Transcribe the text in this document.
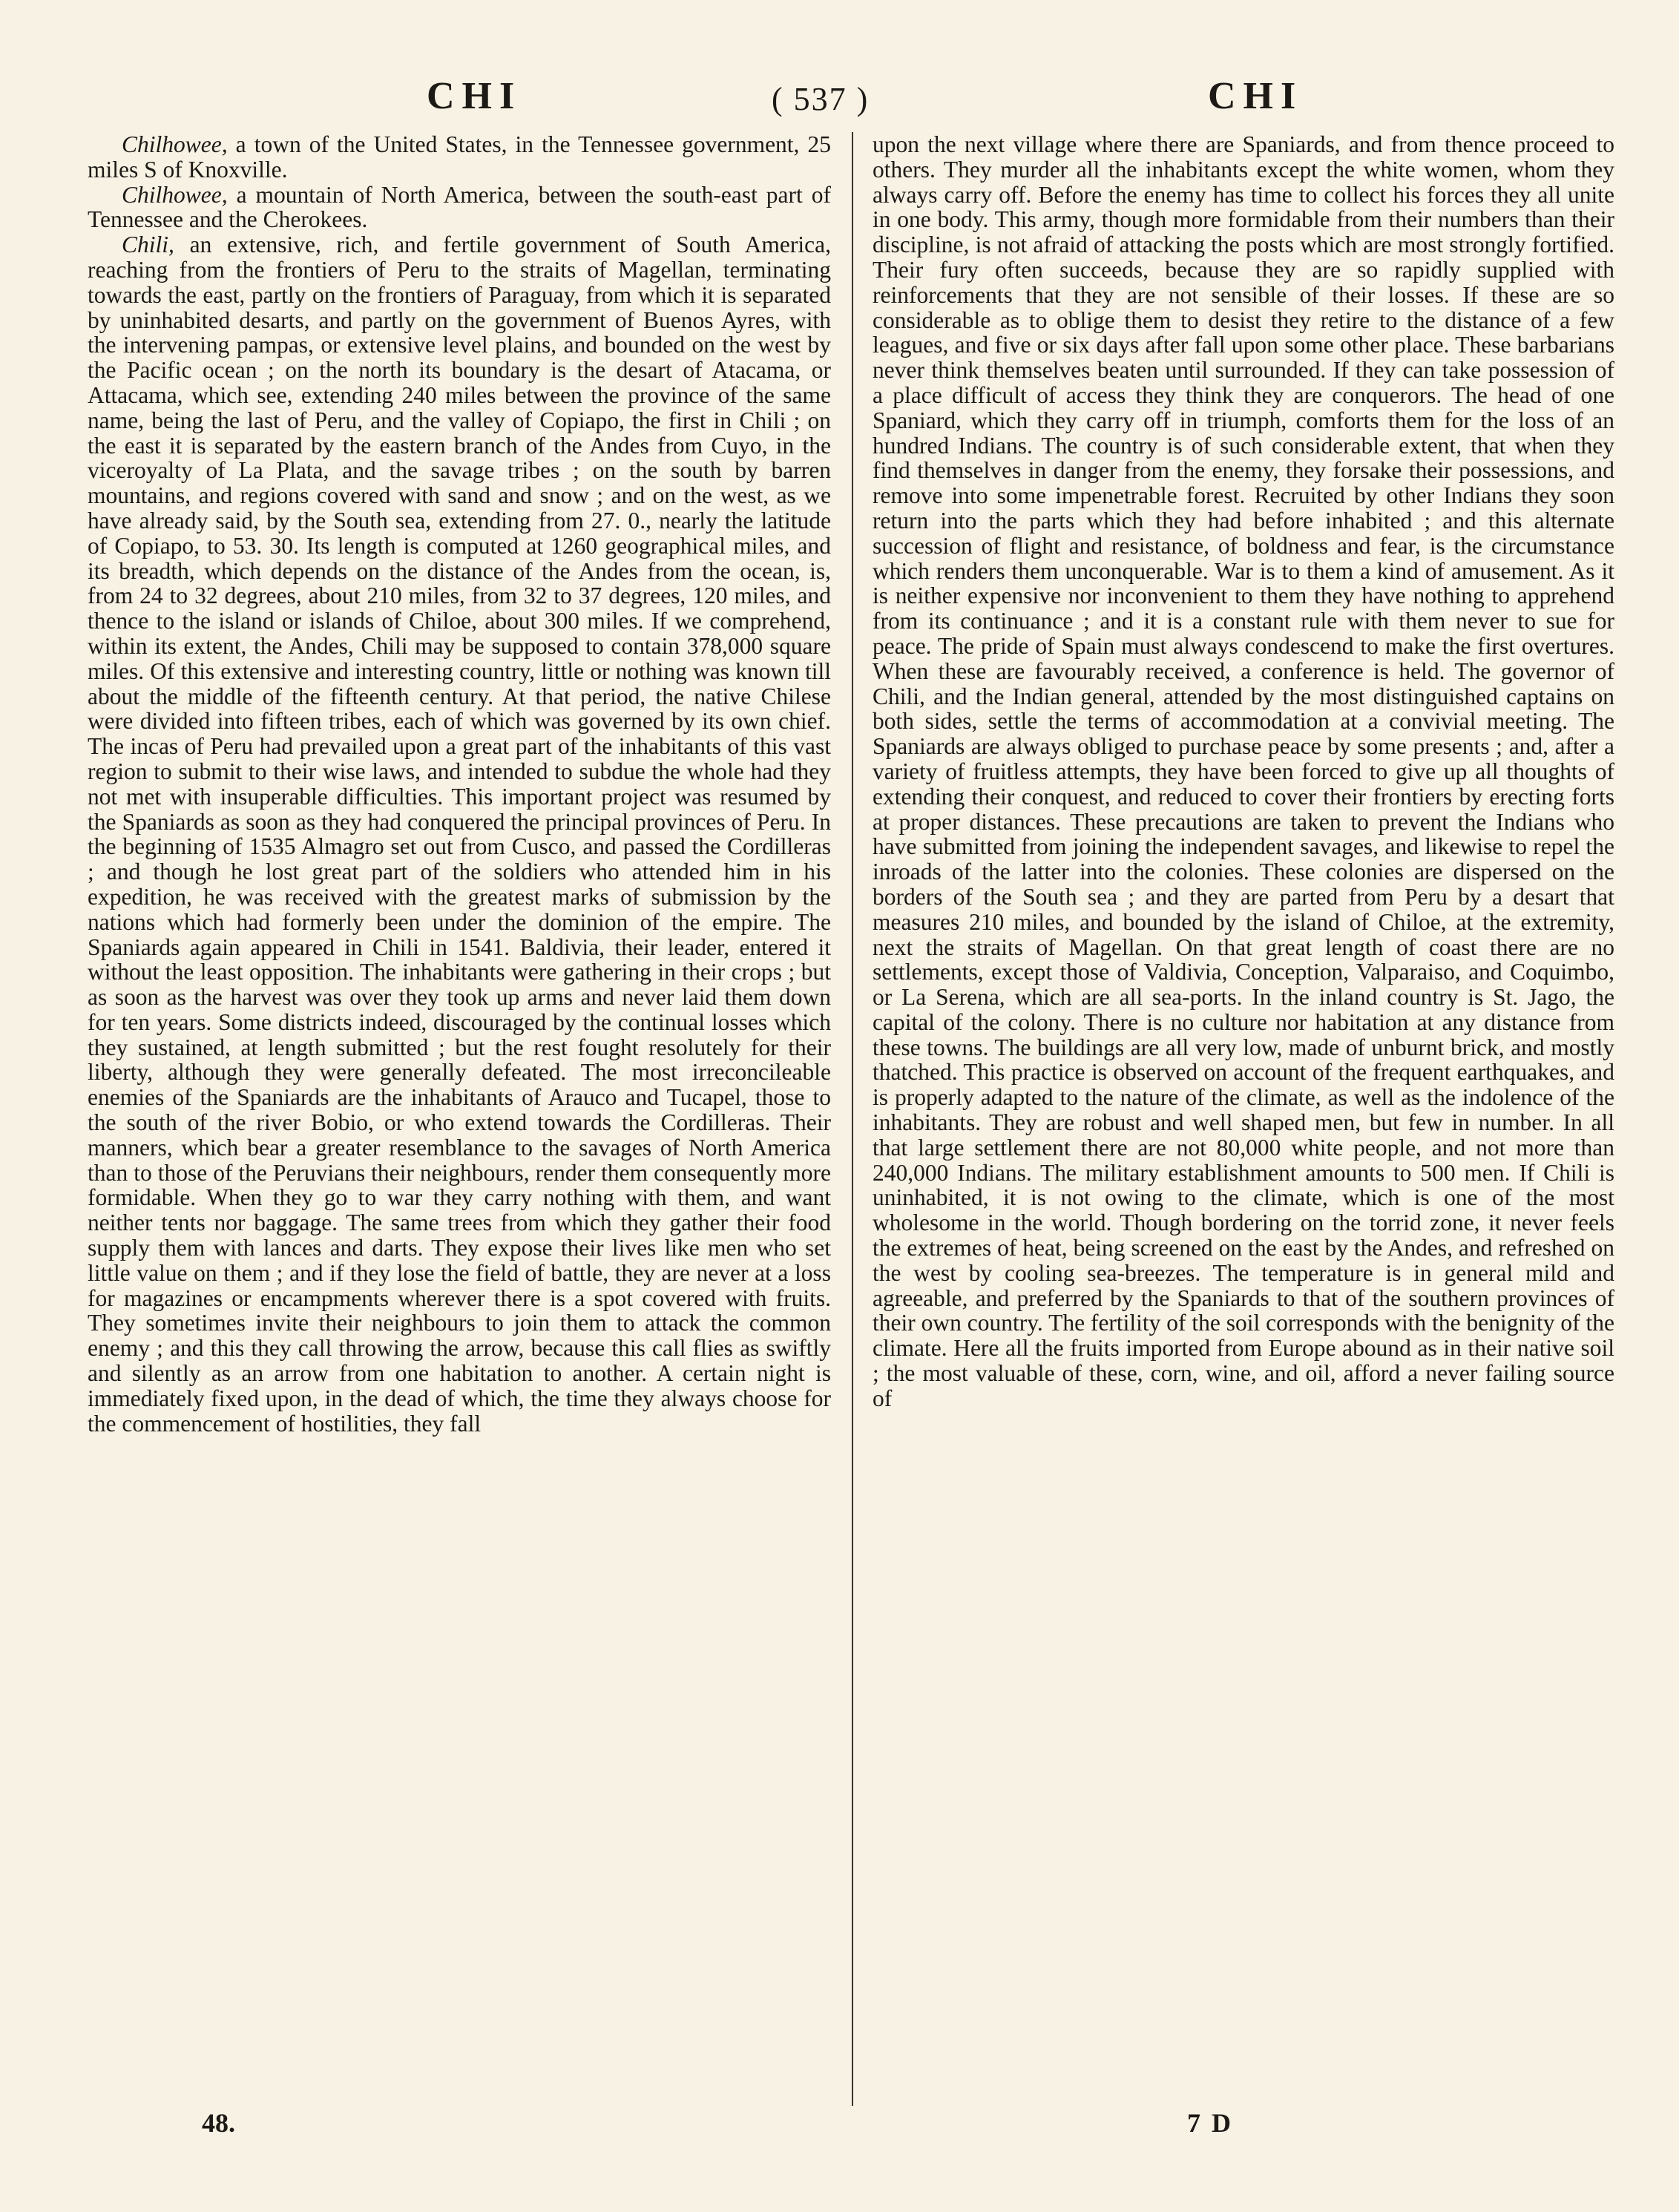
CHI	( 537 )	CHI

Chilhowee, a town of the United States, in the Tennessee government, 25 miles S of Knoxville.

Chilhowee, a mountain of North America, between the south-east part of Tennessee and the Cherokees.

Chili, an extensive, rich, and fertile government of South America, reaching from the frontiers of Peru to the straits of Magellan, terminating towards the east, partly on the frontiers of Paraguay, from which it is separated by uninhabited desarts, and partly on the government of Buenos Ayres, with the intervening pampas, or extensive level plains, and bounded on the west by the Pacific ocean ; on the north its boundary is the desart of Atacama, or Attacama, which see, extending 240 miles between the province of the same name, being the last of Peru, and the valley of Copiapo, the first in Chili ; on the east it is separated by the eastern branch of the Andes from Cuyo, in the viceroyalty of La Plata, and the savage tribes ; on the south by barren mountains, and regions covered with sand and snow ; and on the west, as we have already said, by the South sea, extending from 27. 0., nearly the latitude of Copiapo, to 53. 30. Its length is computed at 1260 geographical miles, and its breadth, which depends on the distance of the Andes from the ocean, is, from 24 to 32 degrees, about 210 miles, from 32 to 37 degrees, 120 miles, and thence to the island or islands of Chiloe, about 300 miles. If we comprehend, within its extent, the Andes, Chili may be supposed to contain 378,000 square miles. Of this extensive and interesting country, little or nothing was known till about the middle of the fifteenth century. At that period, the native Chilese were divided into fifteen tribes, each of which was governed by its own chief. The incas of Peru had prevailed upon a great part of the inhabitants of this vast region to submit to their wise laws, and intended to subdue the whole had they not met with insuperable difficulties. This important project was resumed by the Spaniards as soon as they had conquered the principal provinces of Peru. In the beginning of 1535 Almagro set out from Cusco, and passed the Cordilleras ; and though he lost great part of the soldiers who attended him in his expedition, he was received with the greatest marks of submission by the nations which had formerly been under the dominion of the empire. The Spaniards again appeared in Chili in 1541. Baldivia, their leader, entered it without the least opposition. The inhabitants were gathering in their crops ; but as soon as the harvest was over they took up arms and never laid them down for ten years. Some districts indeed, discouraged by the continual losses which they sustained, at length submitted ; but the rest fought resolutely for their liberty, although they were generally defeated. The most irreconcileable enemies of the Spaniards are the inhabitants of Arauco and Tucapel, those to the south of the river Bobio, or who extend towards the Cordilleras. Their manners, which bear a greater resemblance to the savages of North America than to those of the Peruvians their neighbours, render them consequently more formidable. When they go to war they carry nothing with them, and want neither tents nor baggage. The same trees from which they gather their food supply them with lances and darts. They expose their lives like men who set little value on them ; and if they lose the field of battle, they are never at a loss for magazines or encampments wherever there is a spot covered with fruits. They sometimes invite their neighbours to join them to attack the common enemy ; and this they call throwing the arrow, because this call flies as swiftly and silently as an arrow from one habitation to another. A certain night is immediately fixed upon, in the dead of which, the time they always choose for the commencement of hostilities, they fall

upon the next village where there are Spaniards, and from thence proceed to others. They murder all the inhabitants except the white women, whom they always carry off. Before the enemy has time to collect his forces they all unite in one body. This army, though more formidable from their numbers than their discipline, is not afraid of attacking the posts which are most strongly fortified. Their fury often succeeds, because they are so rapidly supplied with reinforcements that they are not sensible of their losses. If these are so considerable as to oblige them to desist they retire to the distance of a few leagues, and five or six days after fall upon some other place. These barbarians never think themselves beaten until surrounded. If they can take possession of a place difficult of access they think they are conquerors. The head of one Spaniard, which they carry off in triumph, comforts them for the loss of an hundred Indians. The country is of such considerable extent, that when they find themselves in danger from the enemy, they forsake their possessions, and remove into some impenetrable forest. Recruited by other Indians they soon return into the parts which they had before inhabited ; and this alternate succession of flight and resistance, of boldness and fear, is the circumstance which renders them unconquerable. War is to them a kind of amusement. As it is neither expensive nor inconvenient to them they have nothing to apprehend from its continuance ; and it is a constant rule with them never to sue for peace. The pride of Spain must always condescend to make the first overtures. When these are favourably received, a conference is held. The governor of Chili, and the Indian general, attended by the most distinguished captains on both sides, settle the terms of accommodation at a convivial meeting. The Spaniards are always obliged to purchase peace by some presents ; and, after a variety of fruitless attempts, they have been forced to give up all thoughts of extending their conquest, and reduced to cover their frontiers by erecting forts at proper distances. These precautions are taken to prevent the Indians who have submitted from joining the independent savages, and likewise to repel the inroads of the latter into the colonies. These colonies are dispersed on the borders of the South sea ; and they are parted from Peru by a desart that measures 210 miles, and bounded by the island of Chiloe, at the extremity, next the straits of Magellan. On that great length of coast there are no settlements, except those of Valdivia, Conception, Valparaiso, and Coquimbo, or La Serena, which are all sea-ports. In the inland country is St. Jago, the capital of the colony. There is no culture nor habitation at any distance from these towns. The buildings are all very low, made of unburnt brick, and mostly thatched. This practice is observed on account of the frequent earthquakes, and is properly adapted to the nature of the climate, as well as the indolence of the inhabitants. They are robust and well shaped men, but few in number. In all that large settlement there are not 80,000 white people, and not more than 240,000 Indians. The military establishment amounts to 500 men. If Chili is uninhabited, it is not owing to the climate, which is one of the most wholesome in the world. Though bordering on the torrid zone, it never feels the extremes of heat, being screened on the east by the Andes, and refreshed on the west by cooling sea-breezes. The temperature is in general mild and agreeable, and preferred by the Spaniards to that of the southern provinces of their own country. The fertility of the soil corresponds with the benignity of the climate. Here all the fruits imported from Europe abound as in their native soil ; the most valuable of these, corn, wine, and oil, afford a never failing source of

48.	7 D
